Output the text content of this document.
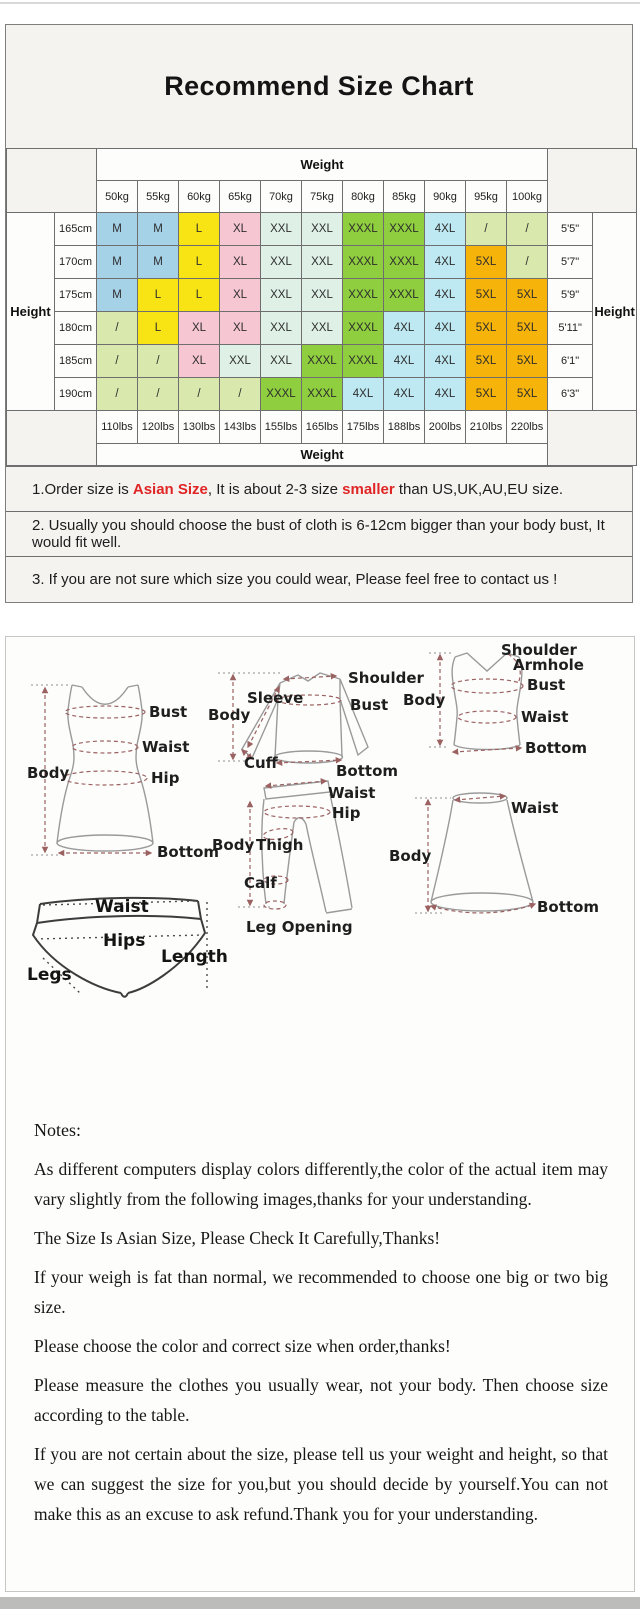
Recommend Size Chart
		Weight												
		50kg	55kg	60kg	65kg	70kg	75kg	80kg	85kg	90kg	95kg	100kg		
Height	165cm	M	M	L	XL	XXL	XXL	XXXL	XXXL	4XL	/	/	5'5"	Height
	170cm	M	M	L	XL	XXL	XXL	XXXL	XXXL	4XL	5XL	/	5'7"	
	175cm	M	L	L	XL	XXL	XXL	XXXL	XXXL	4XL	5XL	5XL	5'9"	
	180cm	/	L	XL	XL	XXL	XXL	XXXL	4XL	4XL	5XL	5XL	5'11"	
	185cm	/	/	XL	XXL	XXL	XXXL	XXXL	4XL	4XL	5XL	5XL	6'1"	
	190cm	/	/	/	/	XXXL	XXXL	4XL	4XL	4XL	5XL	5XL	6'3"	
		110lbs	120lbs	130lbs	143lbs	155lbs	165lbs	175lbs	188lbs	200lbs	210lbs	220lbs		
		Weight												
1.Order size is Asian Size, It is about 2-3 size smaller than US,UK,AU,EU size.
2. Usually you should choose the bust of cloth is 6-12cm bigger than your body bust, It would fit well.
3. If you are not sure which size you could wear, Please feel free to contact us !
Body
Bust
Waist
Hip
Bottom
Sleeve
Shoulder
Body
Bust
Cuff	Bottom
Shoulder
Armhole
Body
Bust
Waist
Bottom
Waist
Hip
Body Thigh
Calf
Leg Opening
Waist
Hips
Legs
Length
Waist
Body
Bottom

Notes:

As different computers display colors differently,the color of the actual item may vary slightly from the following images,thanks for your understanding.

The Size Is Asian Size, Please Check It Carefully,Thanks!

If your weigh is fat than normal, we recommended to choose one big or two big size.

Please choose the color and correct size when order,thanks!

Please measure the clothes you usually wear, not your body. Then choose size according to the table.

If you are not certain about the size, please tell us your weight and height, so that we can suggest the size for you,but you should decide by yourself.You can not make this as an excuse to ask refund.Thank you for your understanding.
